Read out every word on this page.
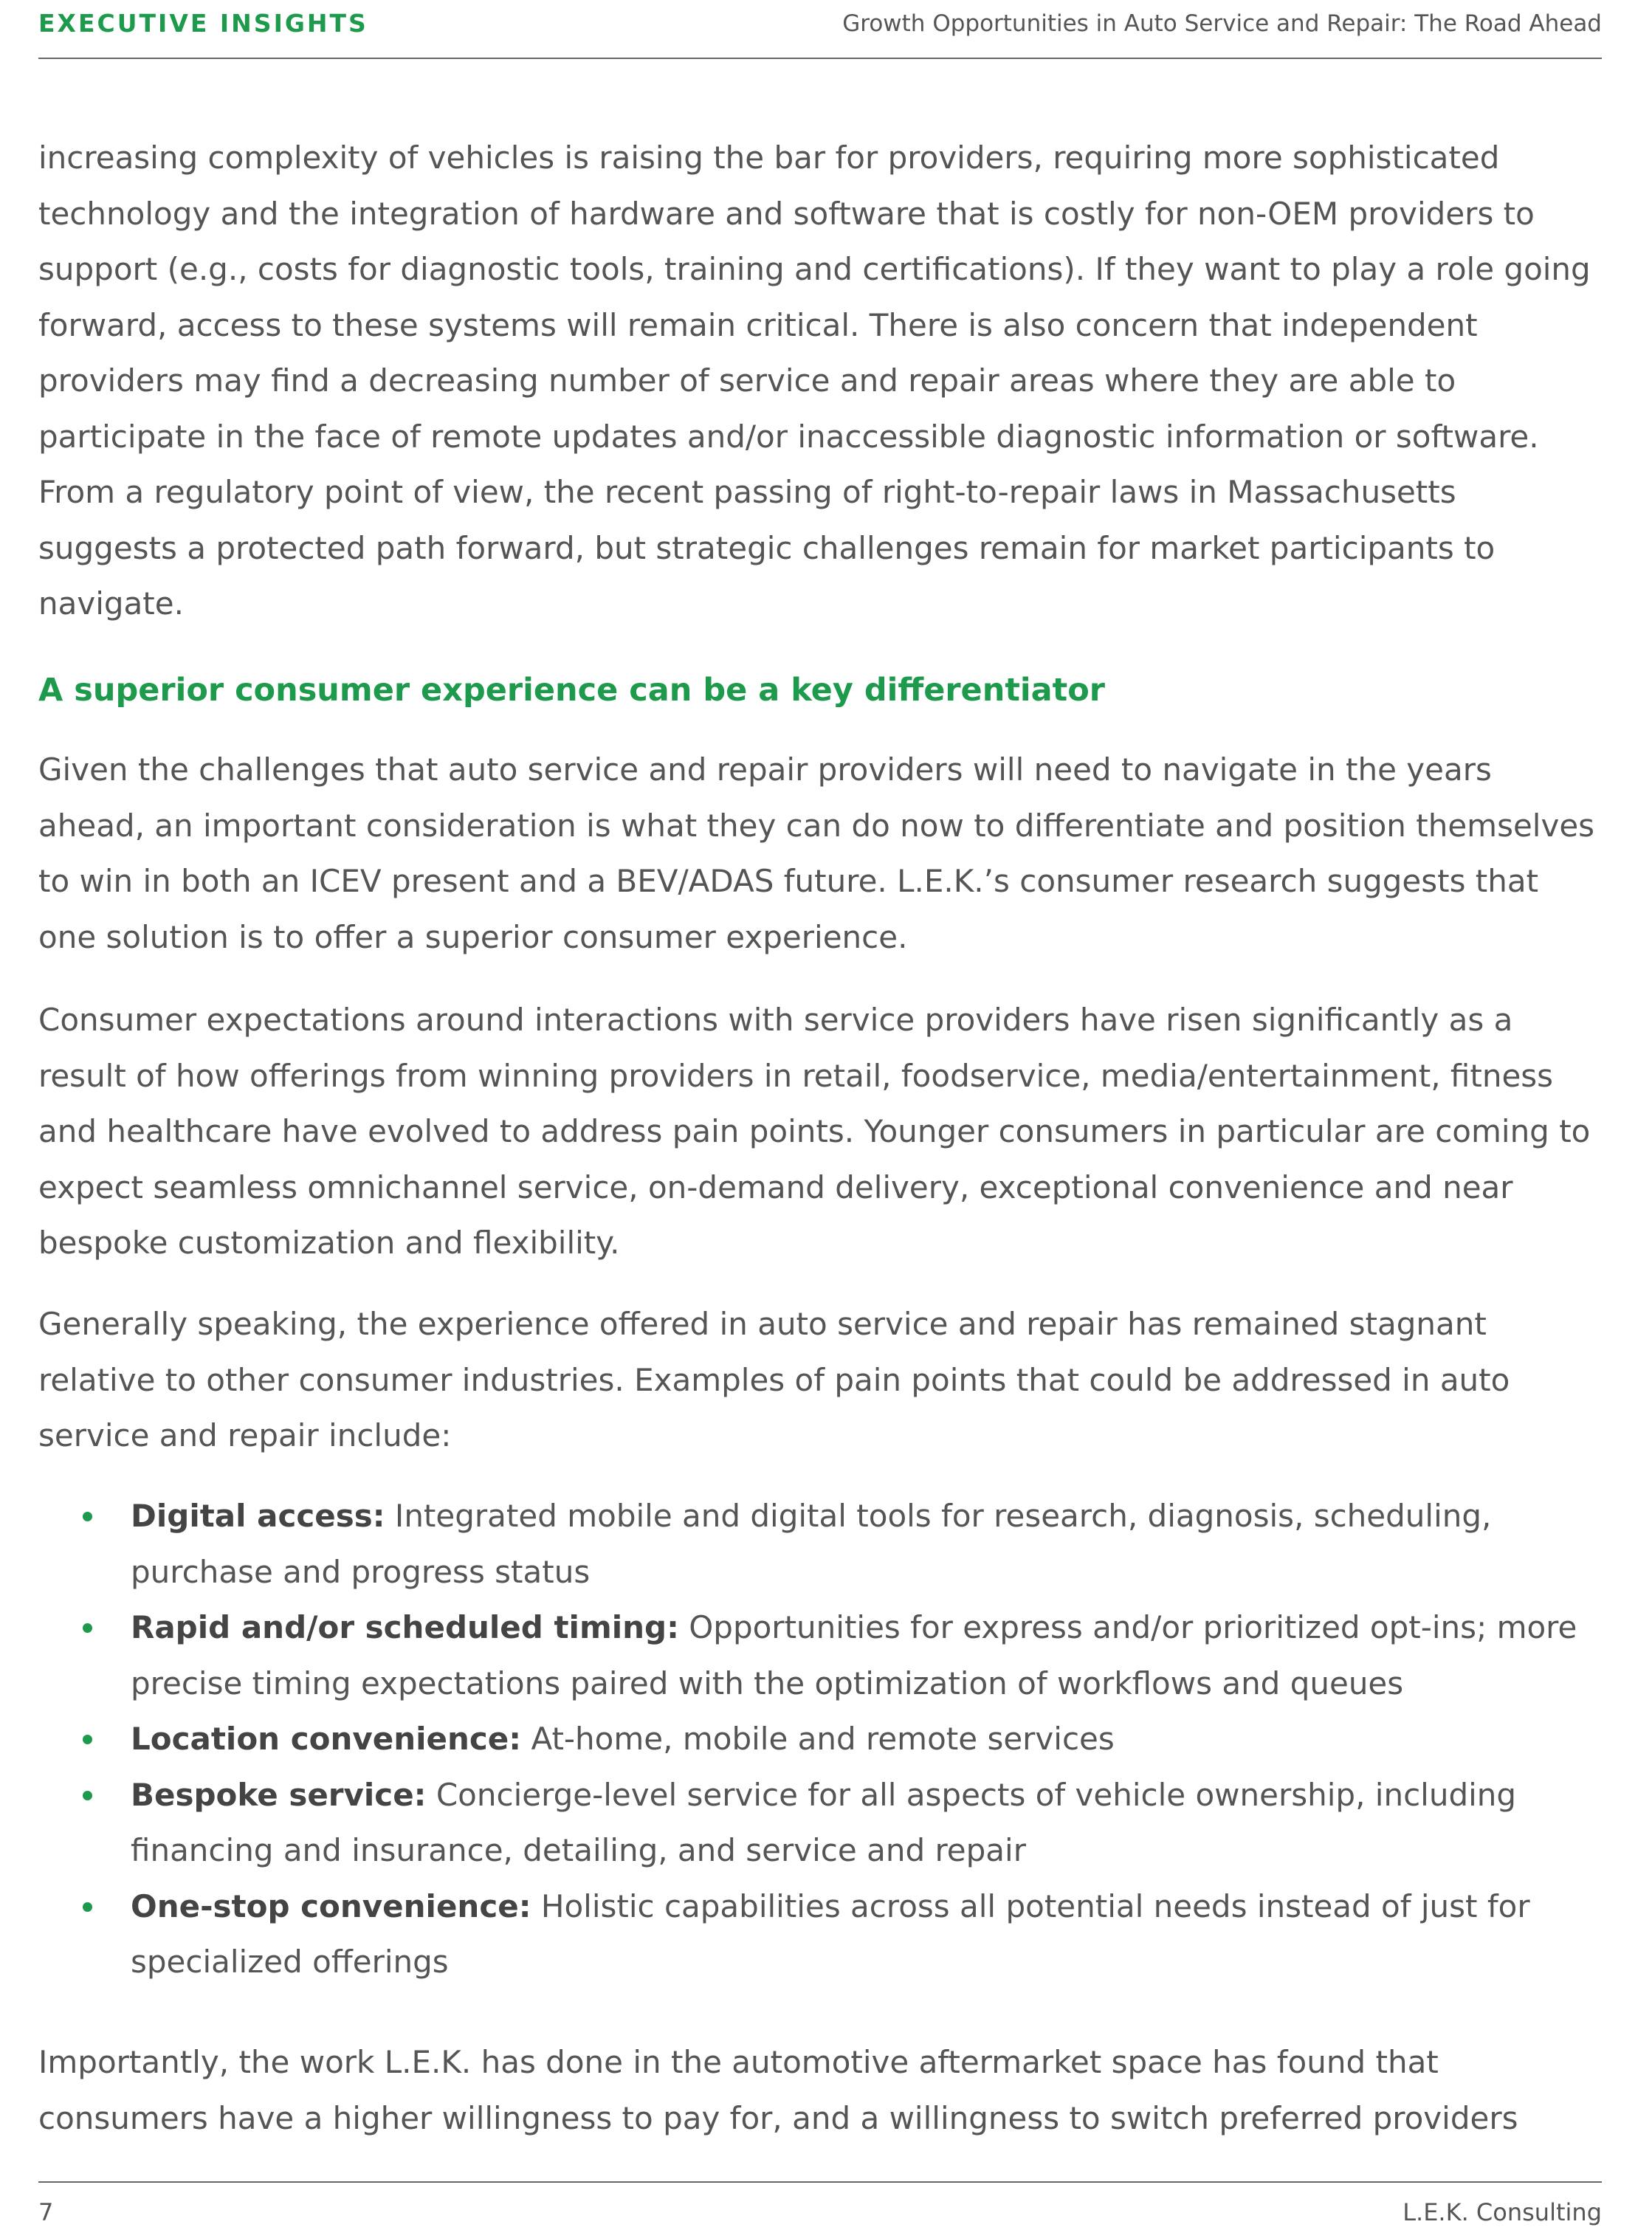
EXECUTIVE INSIGHTS	Growth Opportunities in Auto Service and Repair: The Road Ahead

increasing complexity of vehicles is raising the bar for providers, requiring more sophisticated technology and the integration of hardware and software that is costly for non-OEM providers to support (e.g., costs for diagnostic tools, training and certifications). If they want to play a role going forward, access to these systems will remain critical. There is also concern that independent providers may find a decreasing number of service and repair areas where they are able to participate in the face of remote updates and/or inaccessible diagnostic information or software. From a regulatory point of view, the recent passing of right-to-repair laws in Massachusetts suggests a protected path forward, but strategic challenges remain for market participants to navigate.

A superior consumer experience can be a key differentiator

Given the challenges that auto service and repair providers will need to navigate in the years ahead, an important consideration is what they can do now to differentiate and position themselves to win in both an ICEV present and a BEV/ADAS future. L.E.K.’s consumer research suggests that one solution is to offer a superior consumer experience.

Consumer expectations around interactions with service providers have risen significantly as a result of how offerings from winning providers in retail, foodservice, media/entertainment, fitness and healthcare have evolved to address pain points. Younger consumers in particular are coming to expect seamless omnichannel service, on-demand delivery, exceptional convenience and near bespoke customization and flexibility.

Generally speaking, the experience offered in auto service and repair has remained stagnant relative to other consumer industries. Examples of pain points that could be addressed in auto service and repair include:

Digital access: Integrated mobile and digital tools for research, diagnosis, scheduling, purchase and progress status
Rapid and/or scheduled timing: Opportunities for express and/or prioritized opt-ins; more precise timing expectations paired with the optimization of workflows and queues
Location convenience: At-home, mobile and remote services
Bespoke service: Concierge-level service for all aspects of vehicle ownership, including financing and insurance, detailing, and service and repair
One-stop convenience: Holistic capabilities across all potential needs instead of just for specialized offerings

Importantly, the work L.E.K. has done in the automotive aftermarket space has found that consumers have a higher willingness to pay for, and a willingness to switch preferred providers

7	L.E.K. Consulting
